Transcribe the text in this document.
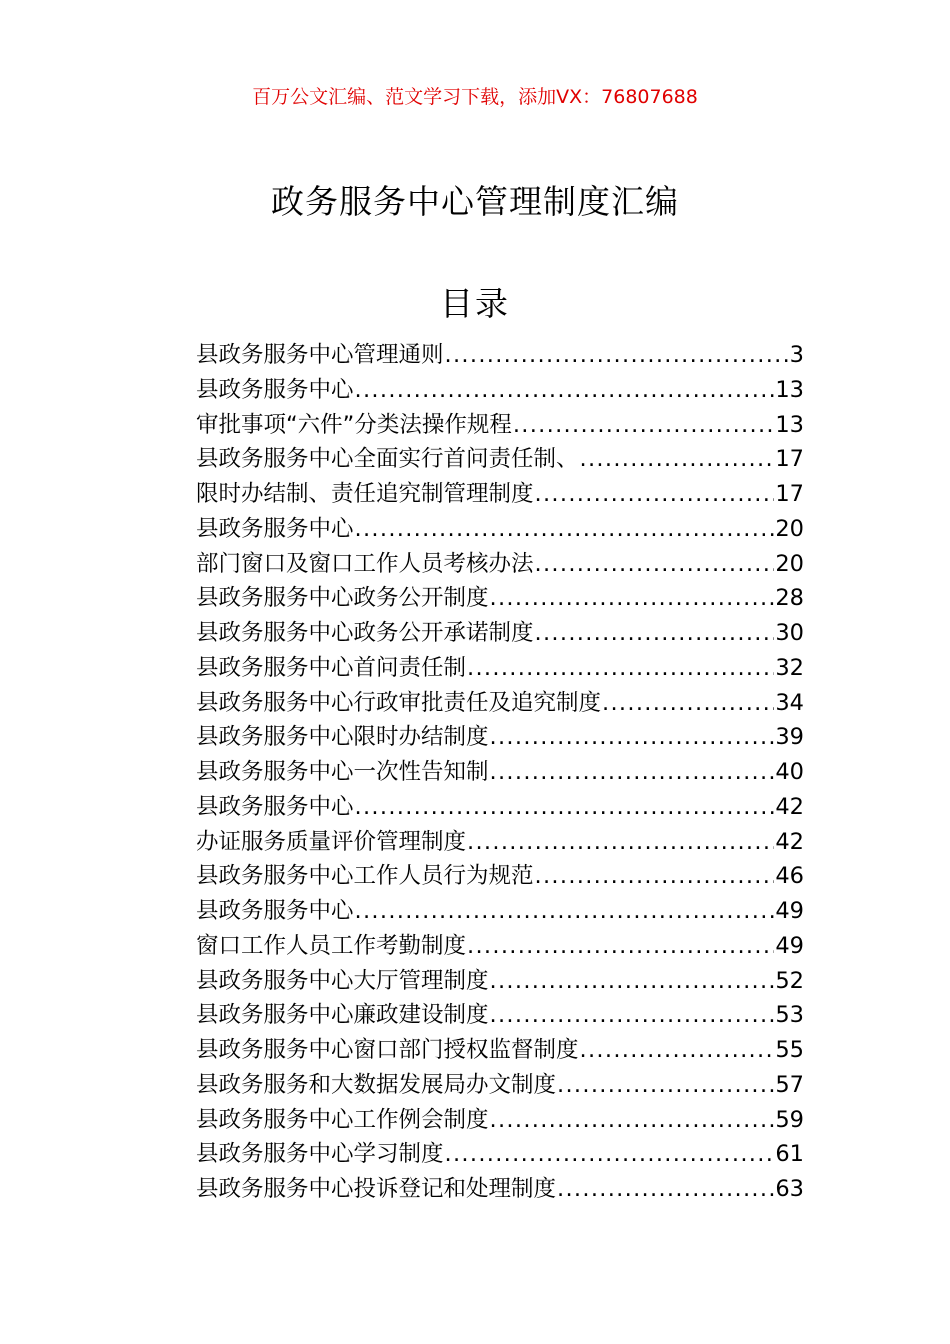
百万公文汇编、范文学习下载，添加VX：76807688
政务服务中心管理制度汇编
目录
县政务服务中心管理通则 .....	3
县政务服务中心 .....	13
审批事项“六件”分类法操作规程 .....	13
县政务服务中心全面实行首问责任制、 .....	17
限时办结制、责任追究制管理制度 .....	17
县政务服务中心 .....	20
部门窗口及窗口工作人员考核办法 .....	20
县政务服务中心政务公开制度 .....	28
县政务服务中心政务公开承诺制度 .....	30
县政务服务中心首问责任制 .....	32
县政务服务中心行政审批责任及追究制度 .....	34
县政务服务中心限时办结制度 .....	39
县政务服务中心一次性告知制 .....	40
县政务服务中心 .....	42
办证服务质量评价管理制度 .....	42
县政务服务中心工作人员行为规范 .....	46
县政务服务中心 .....	49
窗口工作人员工作考勤制度 .....	49
县政务服务中心大厅管理制度 .....	52
县政务服务中心廉政建设制度 .....	53
县政务服务中心窗口部门授权监督制度 .....	55
县政务服务和大数据发展局办文制度 .....	57
县政务服务中心工作例会制度 .....	59
县政务服务中心学习制度 .....	61
县政务服务中心投诉登记和处理制度 .....	63
